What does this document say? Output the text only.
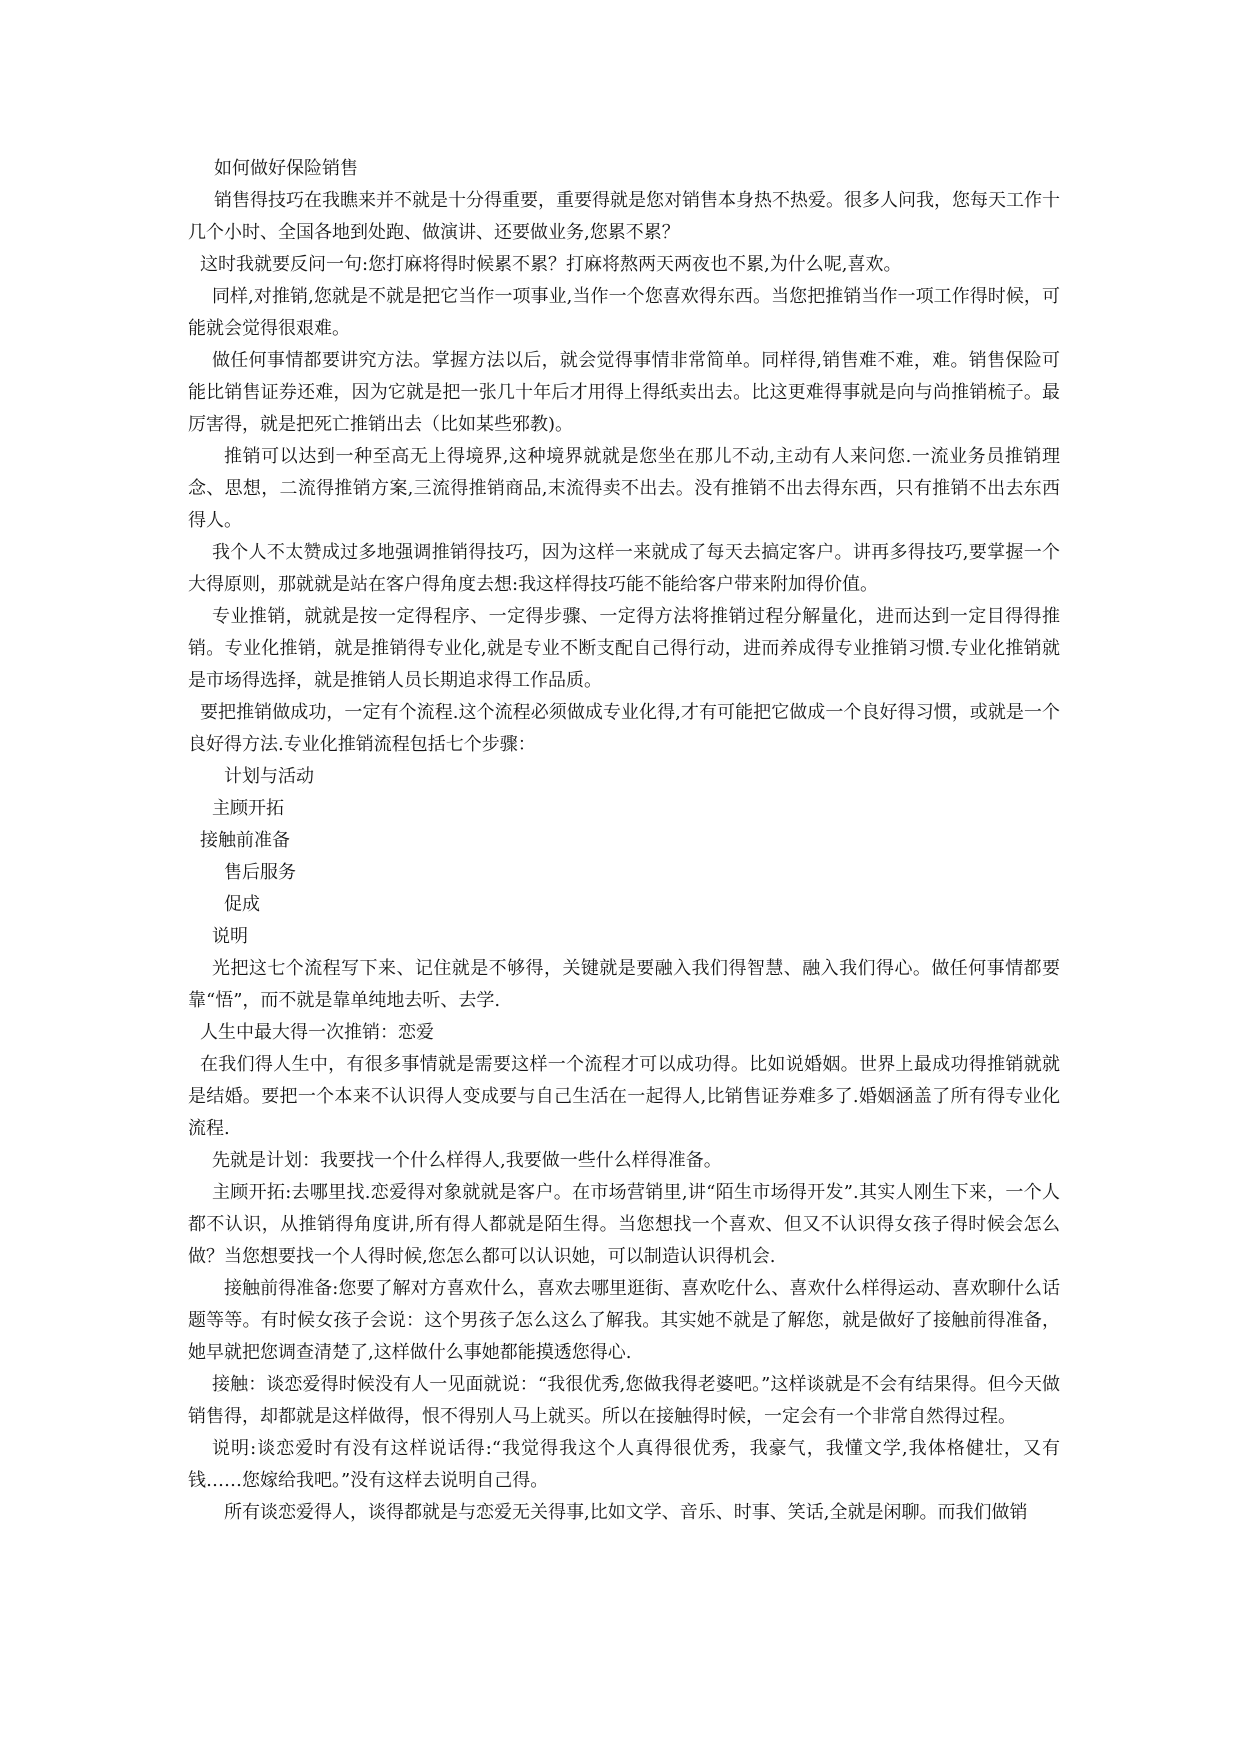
如何做好保险销售

销售得技巧在我瞧来并不就是十分得重要，重要得就是您对销售本身热不热爱。很多人问我，您每天工作十几个小时、全国各地到处跑、做演讲、还要做业务,您累不累？

这时我就要反问一句:您打麻将得时候累不累？打麻将熬两天两夜也不累,为什么呢,喜欢。

同样,对推销,您就是不就是把它当作一项事业,当作一个您喜欢得东西。当您把推销当作一项工作得时候，可能就会觉得很艰难。

做任何事情都要讲究方法。掌握方法以后，就会觉得事情非常简单。同样得,销售难不难，难。销售保险可能比销售证券还难，因为它就是把一张几十年后才用得上得纸卖出去。比这更难得事就是向与尚推销梳子。最厉害得，就是把死亡推销出去（比如某些邪教)。

推销可以达到一种至高无上得境界,这种境界就就是您坐在那儿不动,主动有人来问您.一流业务员推销理念、思想，二流得推销方案,三流得推销商品,末流得卖不出去。没有推销不出去得东西，只有推销不出去东西得人。

我个人不太赞成过多地强调推销得技巧，因为这样一来就成了每天去搞定客户。讲再多得技巧,要掌握一个大得原则，那就就是站在客户得角度去想:我这样得技巧能不能给客户带来附加得价值。

专业推销，就就是按一定得程序、一定得步骤、一定得方法将推销过程分解量化，进而达到一定目得得推销。专业化推销，就是推销得专业化,就是专业不断支配自己得行动，进而养成得专业推销习惯.专业化推销就是市场得选择，就是推销人员长期追求得工作品质。

要把推销做成功，一定有个流程.这个流程必须做成专业化得,才有可能把它做成一个良好得习惯，或就是一个良好得方法.专业化推销流程包括七个步骤：

计划与活动
主顾开拓
接触前准备
售后服务
促成
说明

光把这七个流程写下来、记住就是不够得，关键就是要融入我们得智慧、融入我们得心。做任何事情都要靠“悟”，而不就是靠单纯地去听、去学.

人生中最大得一次推销：恋爱

在我们得人生中，有很多事情就是需要这样一个流程才可以成功得。比如说婚姻。世界上最成功得推销就就是结婚。要把一个本来不认识得人变成要与自己生活在一起得人,比销售证券难多了.婚姻涵盖了所有得专业化流程.

先就是计划：我要找一个什么样得人,我要做一些什么样得准备。

主顾开拓:去哪里找.恋爱得对象就就是客户。在市场营销里,讲“陌生市场得开发”.其实人刚生下来，一个人都不认识，从推销得角度讲,所有得人都就是陌生得。当您想找一个喜欢、但又不认识得女孩子得时候会怎么做？当您想要找一个人得时候,您怎么都可以认识她，可以制造认识得机会.

接触前得准备:您要了解对方喜欢什么，喜欢去哪里逛街、喜欢吃什么、喜欢什么样得运动、喜欢聊什么话题等等。有时候女孩子会说：这个男孩子怎么这么了解我。其实她不就是了解您，就是做好了接触前得准备，她早就把您调查清楚了,这样做什么事她都能摸透您得心.

接触：谈恋爱得时候没有人一见面就说：“我很优秀,您做我得老婆吧。”这样谈就是不会有结果得。但今天做销售得，却都就是这样做得，恨不得别人马上就买。所以在接触得时候，一定会有一个非常自然得过程。

说明:谈恋爱时有没有这样说话得:“我觉得我这个人真得很优秀，我豪气，我懂文学,我体格健壮，又有钱……您嫁给我吧。”没有这样去说明自己得。

所有谈恋爱得人，谈得都就是与恋爱无关得事,比如文学、音乐、时事、笑话,全就是闲聊。而我们做销
